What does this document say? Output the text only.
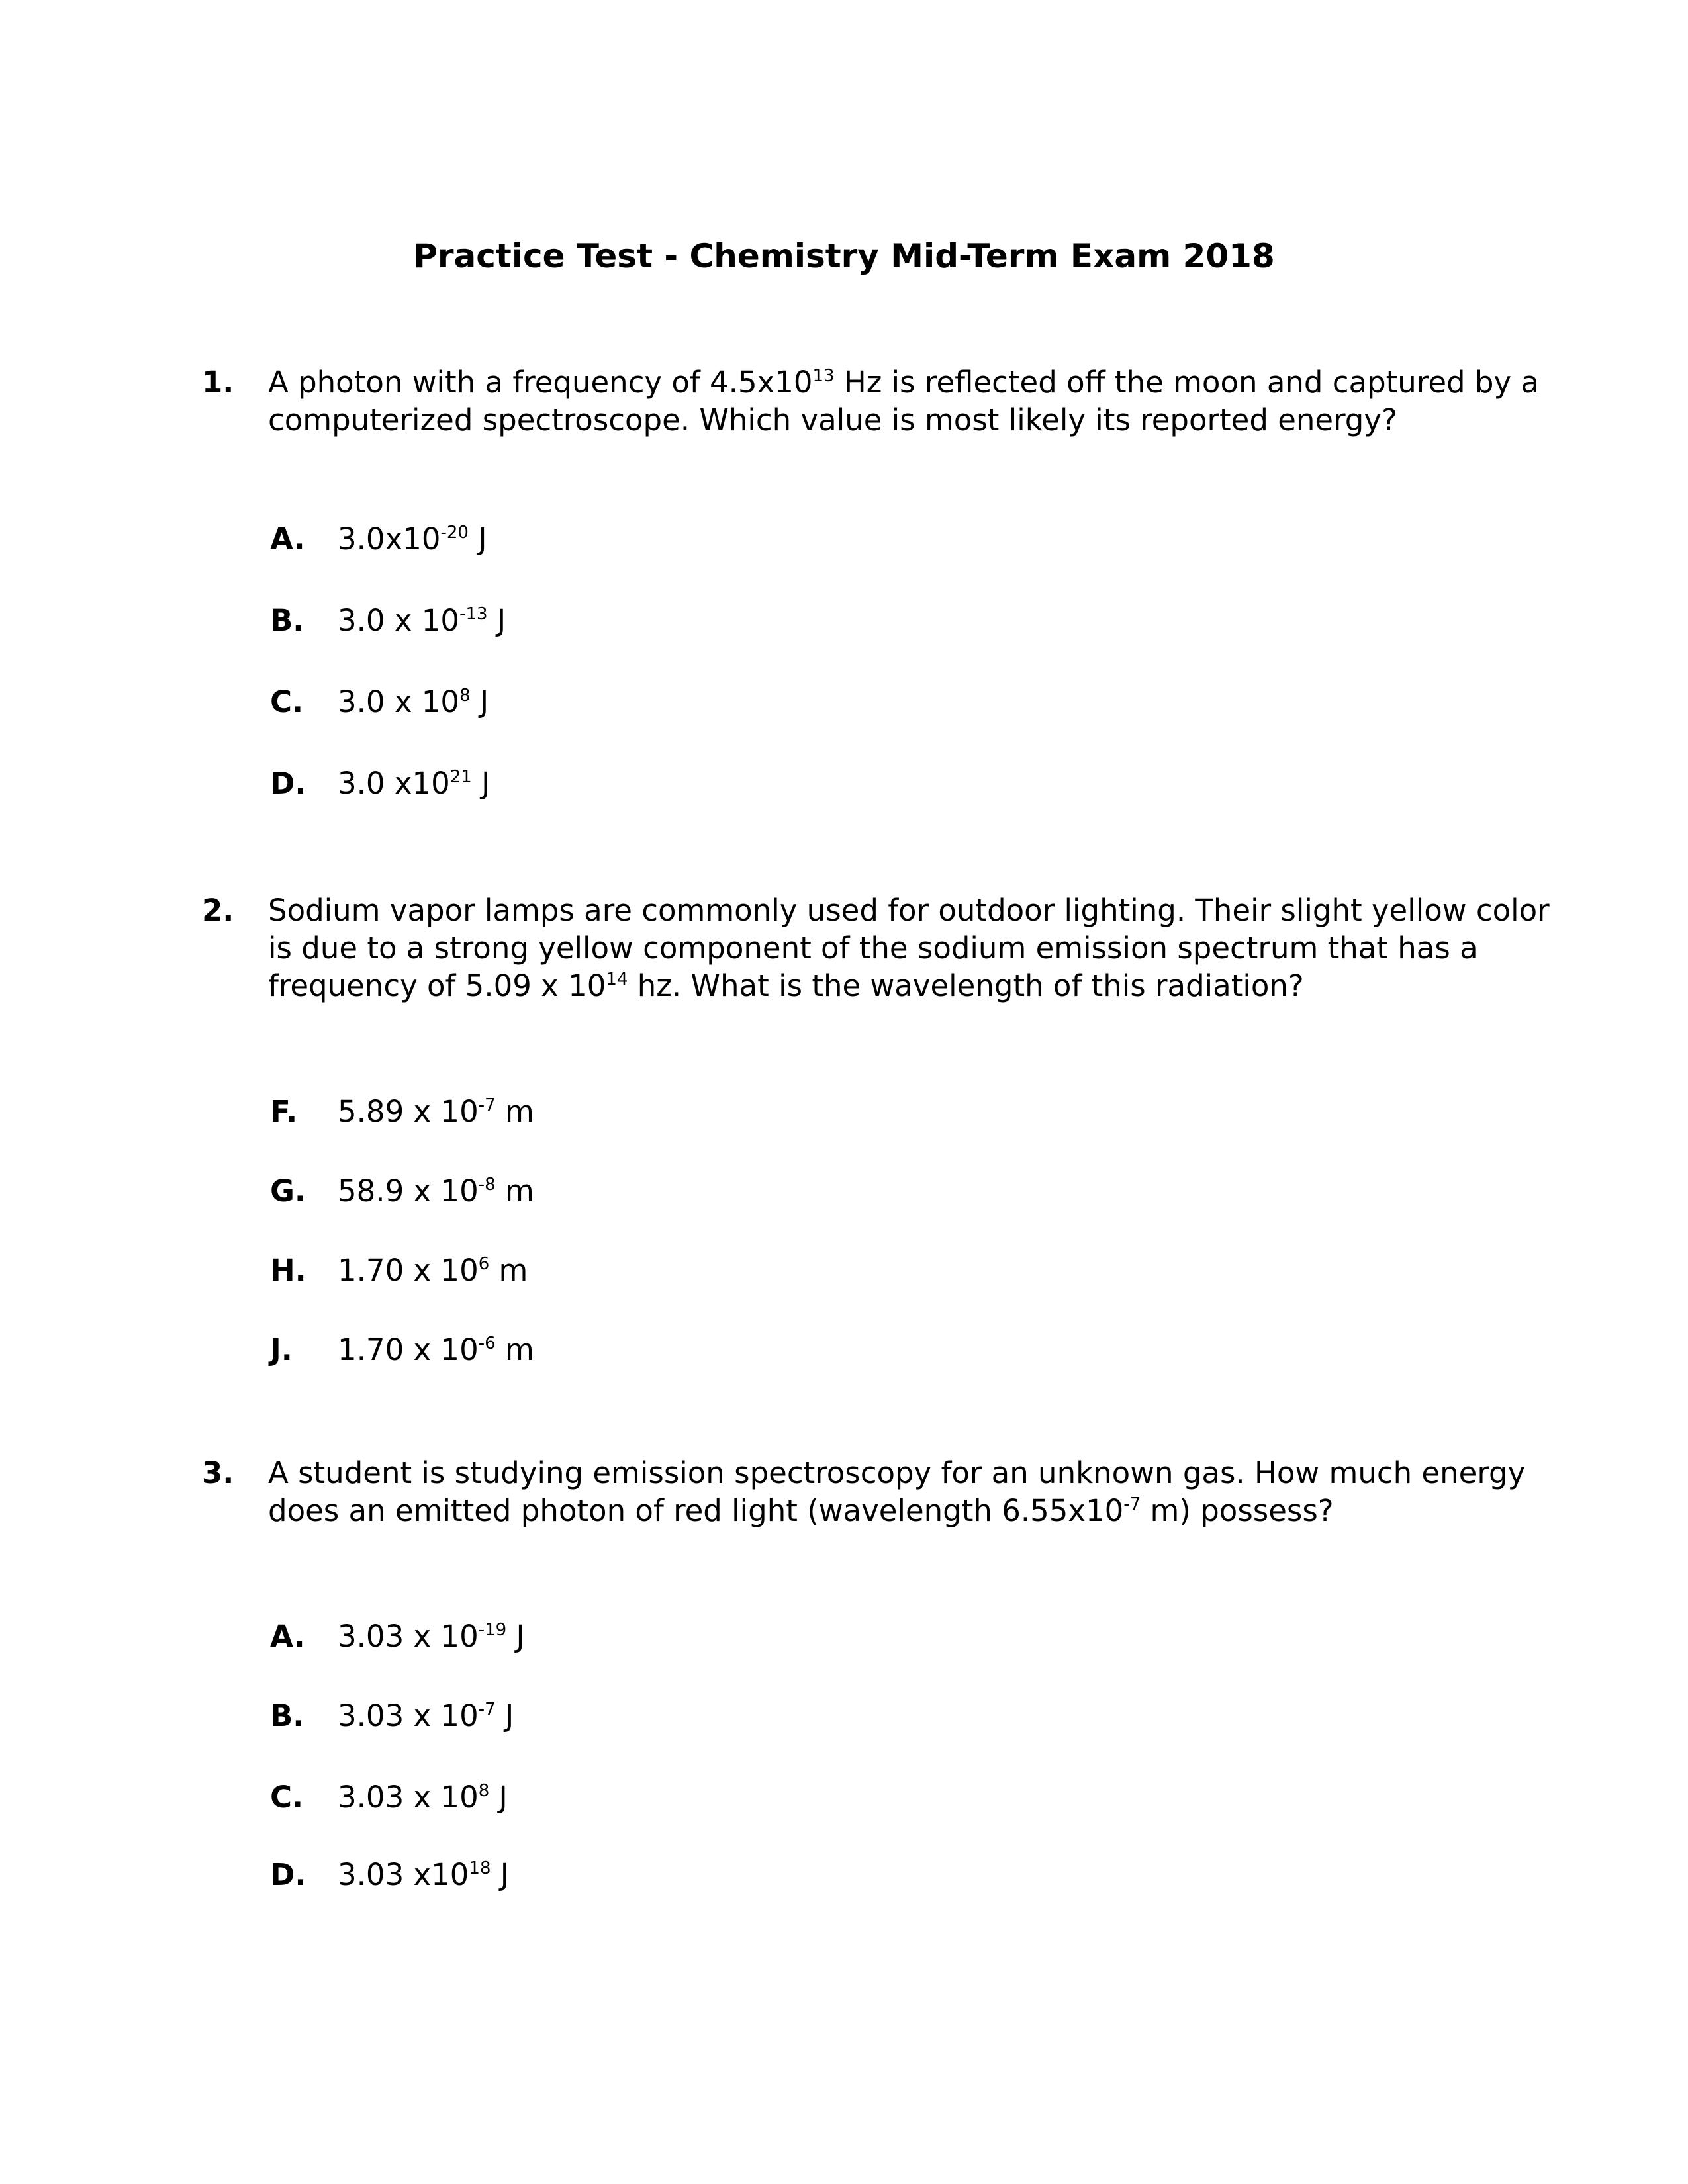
Practice Test - Chemistry Mid-Term Exam 2018
1. A photon with a frequency of $4.5x10^{13}$ Hz is reflected off the moon and captured by a
computerized spectroscope. Which value is most likely its reported energy?
A. $3.0x10^{-20}$ J
B. 3.0 x $10^{-13}$ J
C. 3.0 x $10^8$ J
D. 3.0 $x10^{21}$ J
2. Sodium vapor lamps are commonly used for outdoor lighting. Their slight yellow color
is due to a strong yellow component of the sodium emission spectrum that has a
frequency of 5.09 x $10^{14}$ hz. What is the wavelength of this radiation?
F. 5.89 x $10^{-7}$ m
G. 58.9 x $10^{-8}$ m
H. 1.70 x $10^6$ m
J. 1.70 x $10^{-6}$ m
3. A student is studying emission spectroscopy for an unknown gas. How much energy
does an emitted photon of red light (wavelength $6.55x10^{-7}$ m) possess?
A. 3.03 x $10^{-19}$ J
B. 3.03 x $10^{-7}$ J
C. 3.03 x $10^8$ J
D. 3.03 $x10^{18}$ J
